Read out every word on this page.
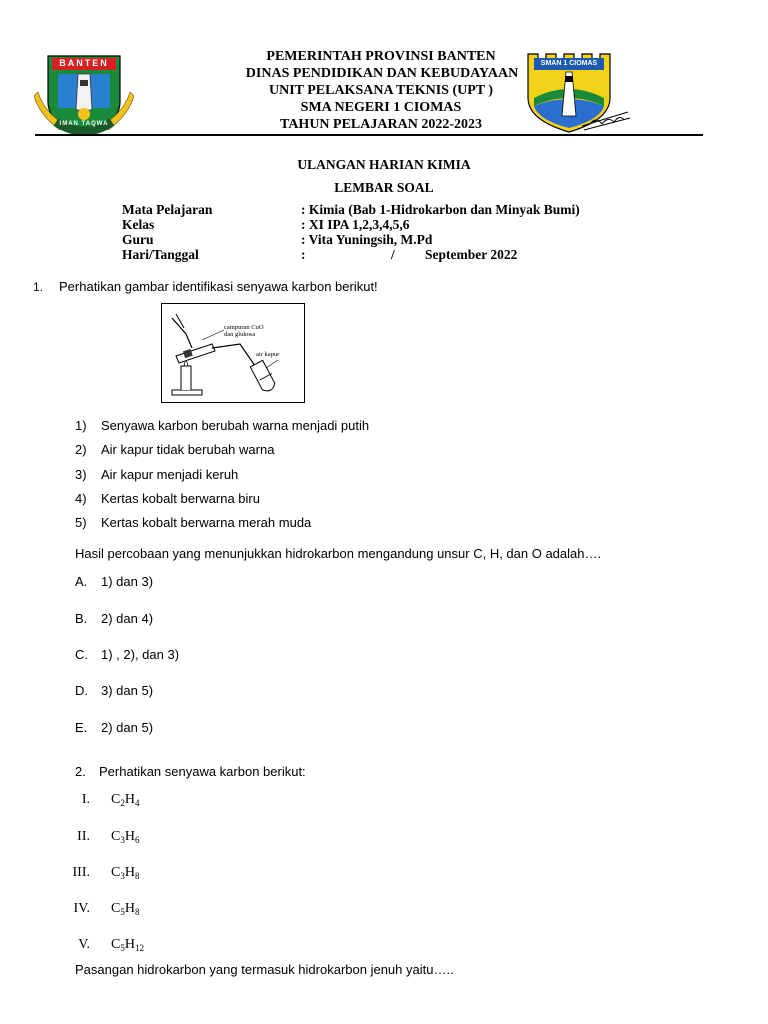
BANTEN
IMAN TAQWA
PEMERINTAH PROVINSI BANTEN
DINAS PENDIDIKAN DAN KEBUDAYAAN
UNIT PELAKSANA TEKNIS (UPT )
SMA NEGERI 1 CIOMAS
TAHUN PELAJARAN 2022-2023
SMAN 1 CIOMAS
ULANGAN HARIAN KIMIA
LEMBAR SOAL
Mata Pelajaran	: Kimia (Bab 1-Hidrokarbon dan Minyak Bumi)
Kelas	: XI IPA 1,2,3,4,5,6
Guru	: Vita Yuningsih, M.Pd
Hari/Tanggal	:	/ September 2022
1. Perhatikan gambar identifikasi senyawa karbon berikut!
campuran CuO
dan glukosa
air kapur
1) Senyawa karbon berubah warna menjadi putih
2) Air kapur tidak berubah warna
3) Air kapur menjadi keruh
4) Kertas kobalt berwarna biru
5) Kertas kobalt berwarna merah muda
Hasil percobaan yang menunjukkan hidrokarbon mengandung unsur C, H, dan O adalah….
A. 1) dan 3)
B. 2) dan 4)
C. 1) , 2), dan 3)
D. 3) dan 5)
E. 2) dan 5)
2. Perhatikan senyawa karbon berikut:
I. $C_2H_4$
II. $C_3H_6$
III. $C_3H_8$
IV. $C_5H_8$
V. $C_5H_{12}$
Pasangan hidrokarbon yang termasuk hidrokarbon jenuh yaitu…..
